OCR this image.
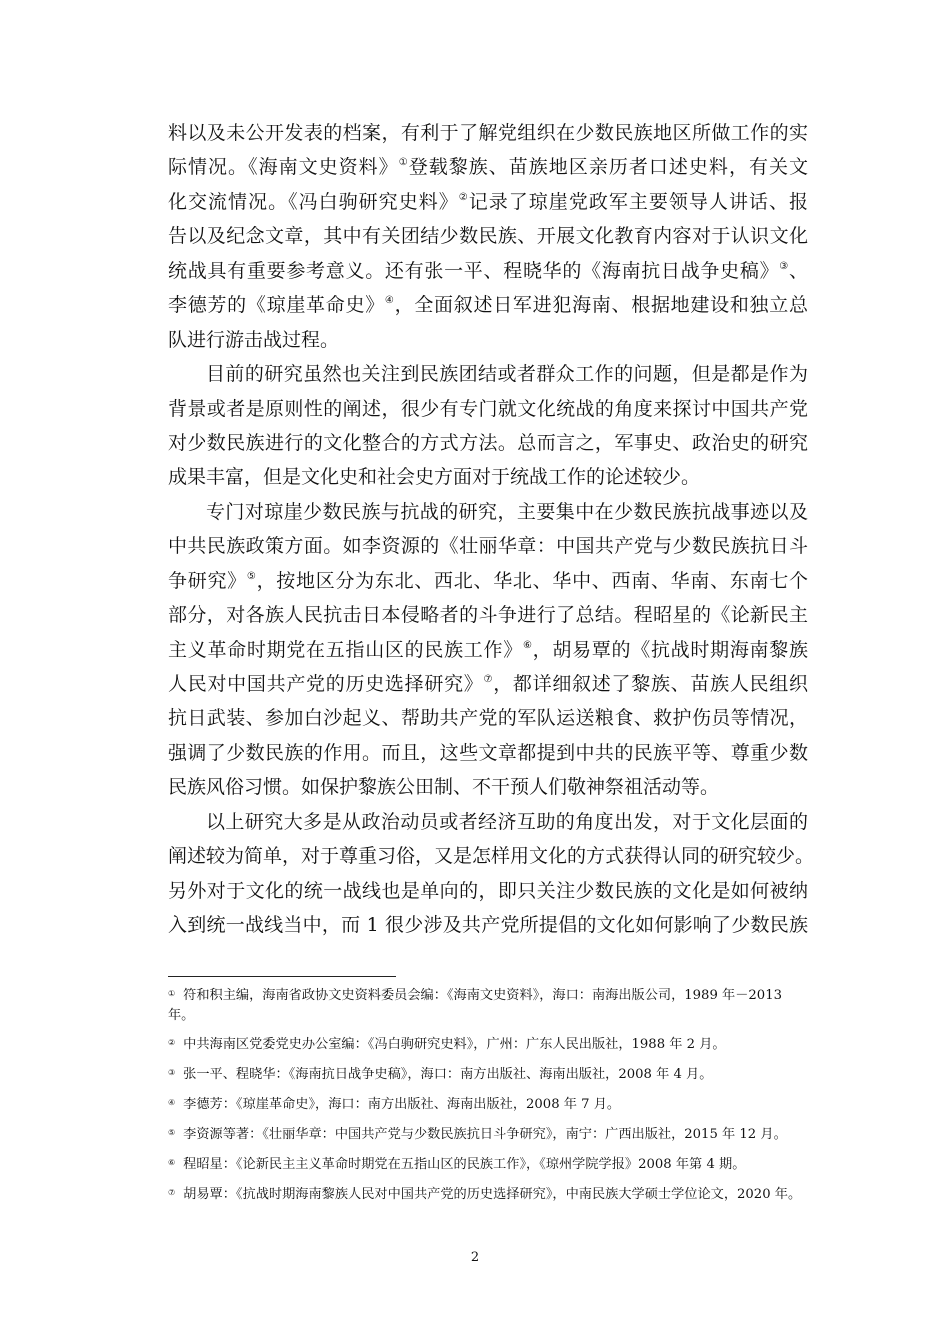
料以及未公开发表的档案，有利于了解党组织在少数民族地区所做工作的实
际情况。《海南文史资料》①登载黎族、苗族地区亲历者口述史料，有关文
化交流情况。《冯白驹研究史料》②记录了琼崖党政军主要领导人讲话、报
告以及纪念文章，其中有关团结少数民族、开展文化教育内容对于认识文化
统战具有重要参考意义。还有张一平、程晓华的《海南抗日战争史稿》③、
李德芳的《琼崖革命史》④，全面叙述日军进犯海南、根据地建设和独立总
队进行游击战过程。
目前的研究虽然也关注到民族团结或者群众工作的问题，但是都是作为
背景或者是原则性的阐述，很少有专门就文化统战的角度来探讨中国共产党
对少数民族进行的文化整合的方式方法。总而言之，军事史、政治史的研究
成果丰富，但是文化史和社会史方面对于统战工作的论述较少。
专门对琼崖少数民族与抗战的研究，主要集中在少数民族抗战事迹以及
中共民族政策方面。如李资源的《壮丽华章：中国共产党与少数民族抗日斗
争研究》⑤，按地区分为东北、西北、华北、华中、西南、华南、东南七个
部分，对各族人民抗击日本侵略者的斗争进行了总结。程昭星的《论新民主
主义革命时期党在五指山区的民族工作》⑥，胡易覃的《抗战时期海南黎族
人民对中国共产党的历史选择研究》⑦，都详细叙述了黎族、苗族人民组织
抗日武装、参加白沙起义、帮助共产党的军队运送粮食、救护伤员等情况，
强调了少数民族的作用。而且，这些文章都提到中共的民族平等、尊重少数
民族风俗习惯。如保护黎族公田制、不干预人们敬神祭祖活动等。
以上研究大多是从政治动员或者经济互助的角度出发，对于文化层面的
阐述较为简单，对于尊重习俗，又是怎样用文化的方式获得认同的研究较少。
另外对于文化的统一战线也是单向的，即只关注少数民族的文化是如何被纳
入到统一战线当中，而 1 很少涉及共产党所提倡的文化如何影响了少数民族
① 符和积主编，海南省政协文史资料委员会编：《海南文史资料》，海口：南海出版公司，1989 年－2013 年。
② 中共海南区党委党史办公室编：《冯白驹研究史料》，广州：广东人民出版社，1988 年 2 月。
③ 张一平、程晓华：《海南抗日战争史稿》，海口：南方出版社、海南出版社，2008 年 4 月。
④ 李德芳：《琼崖革命史》，海口：南方出版社、海南出版社，2008 年 7 月。
⑤ 李资源等著：《壮丽华章：中国共产党与少数民族抗日斗争研究》，南宁：广西出版社，2015 年 12 月。
⑥ 程昭星：《论新民主主义革命时期党在五指山区的民族工作》，《琼州学院学报》2008 年第 4 期。
⑦ 胡易覃：《抗战时期海南黎族人民对中国共产党的历史选择研究》，中南民族大学硕士学位论文，2020 年。
2
